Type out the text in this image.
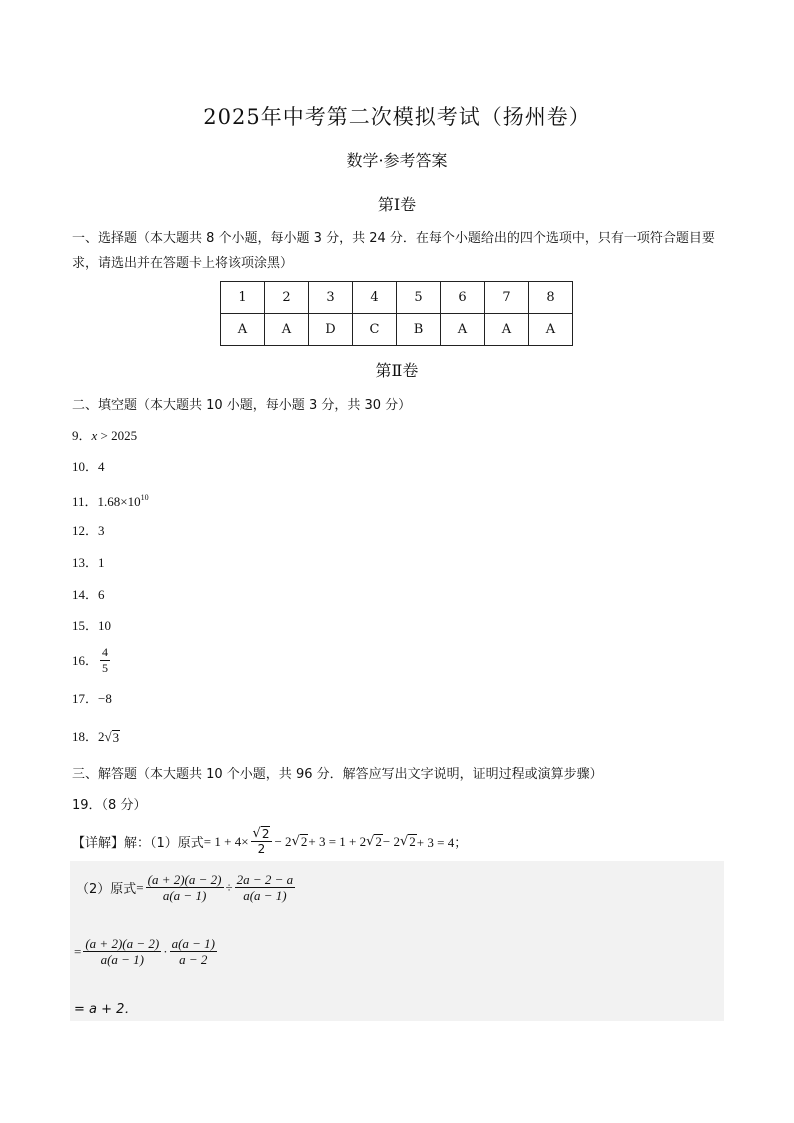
2025年中考第二次模拟考试（扬州卷）
数学·参考答案
第Ⅰ卷
一、选择题（本大题共 8 个小题，每小题 3 分，共 24 分．在每个小题给出的四个选项中，只有一项符合题目要求，请选出并在答题卡上将该项涂黑）
1	2	3	4	5	6	7	8
A	A	D	C	B	A	A	A
第Ⅱ卷
二、填空题（本大题共 10 小题，每小题 3 分，共 30 分）
9．x > 2025
10．4
11．$1.68\times 10^{10}$
12．3
13．1
14．6
15．10
16． $\frac{4}{5}$
17．−8
18． 2 √ 3
三、解答题（本大题共 10 个小题，共 96 分．解答应写出文字说明，证明过程或演算步骤）
19．（8 分）
【详解】解：（1）原式 = $1 + 4\times \frac{√ 2}{2} - 2$ √ 2 + 3 = 1 + 2 √ 2 − 2 √ 2 + 3 = 4；
（2）原式 = $\frac{(a + 2)(a - 2)}{a(a - 1)} \div \frac{2a - 2 - a}{a(a - 1)}$
= $\frac{(a + 2)(a - 2)}{a(a - 1)} \cdot \frac{a(a - 1)}{a - 2}$
= a + 2．
